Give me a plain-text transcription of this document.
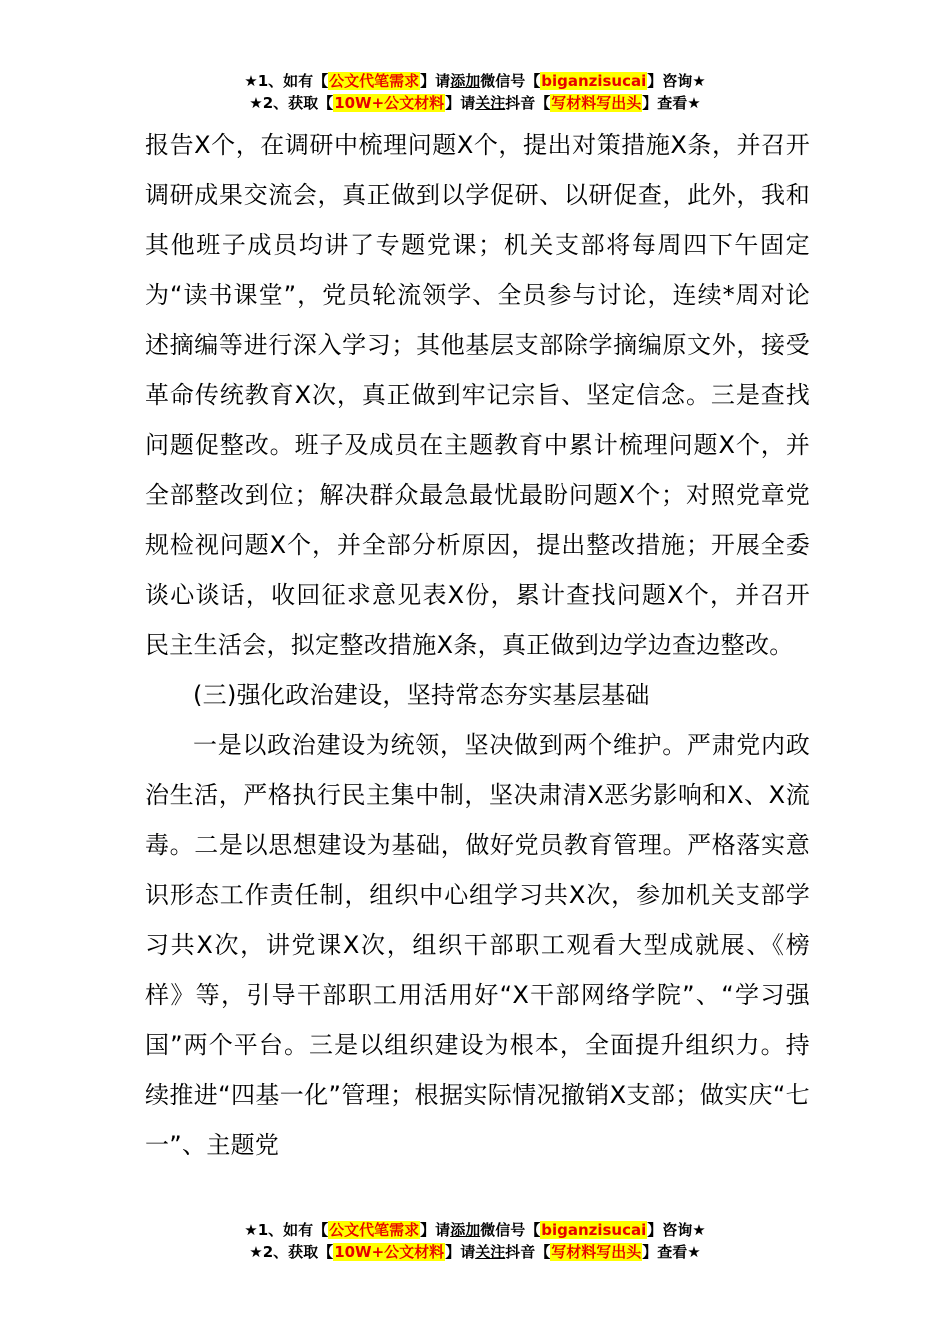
★1、如有【公文代笔需求】请添加微信号【biganzisucai】咨询★
★2、获取【10W+公文材料】请关注抖音【写材料写出头】查看★

报告X个，在调研中梳理问题X个，提出对策措施X条，并召开调研成果交流会，真正做到以学促研、以研促查，此外，我和其他班子成员均讲了专题党课；机关支部将每周四下午固定为“读书课堂”，党员轮流领学、全员参与讨论，连续*周对论述摘编等进行深入学习；其他基层支部除学摘编原文外，接受革命传统教育X次，真正做到牢记宗旨、坚定信念。三是查找问题促整改。班子及成员在主题教育中累计梳理问题X个，并全部整改到位；解决群众最急最忧最盼问题X个；对照党章党规检视问题X个，并全部分析原因，提出整改措施；开展全委谈心谈话，收回征求意见表X份，累计查找问题X个，并召开民主生活会，拟定整改措施X条，真正做到边学边查边整改。

(三)强化政治建设，坚持常态夯实基层基础

一是以政治建设为统领，坚决做到两个维护。严肃党内政治生活，严格执行民主集中制，坚决肃清X恶劣影响和X、X流毒。二是以思想建设为基础，做好党员教育管理。严格落实意识形态工作责任制，组织中心组学习共X次，参加机关支部学习共X次，讲党课X次，组织干部职工观看大型成就展、《榜样》等，引导干部职工用活用好“X干部网络学院”、“学习强国”两个平台。三是以组织建设为根本，全面提升组织力。持续推进“四基一化”管理；根据实际情况撤销X支部；做实庆“七一”、主题党

★1、如有【公文代笔需求】请添加微信号【biganzisucai】咨询★
★2、获取【10W+公文材料】请关注抖音【写材料写出头】查看★
